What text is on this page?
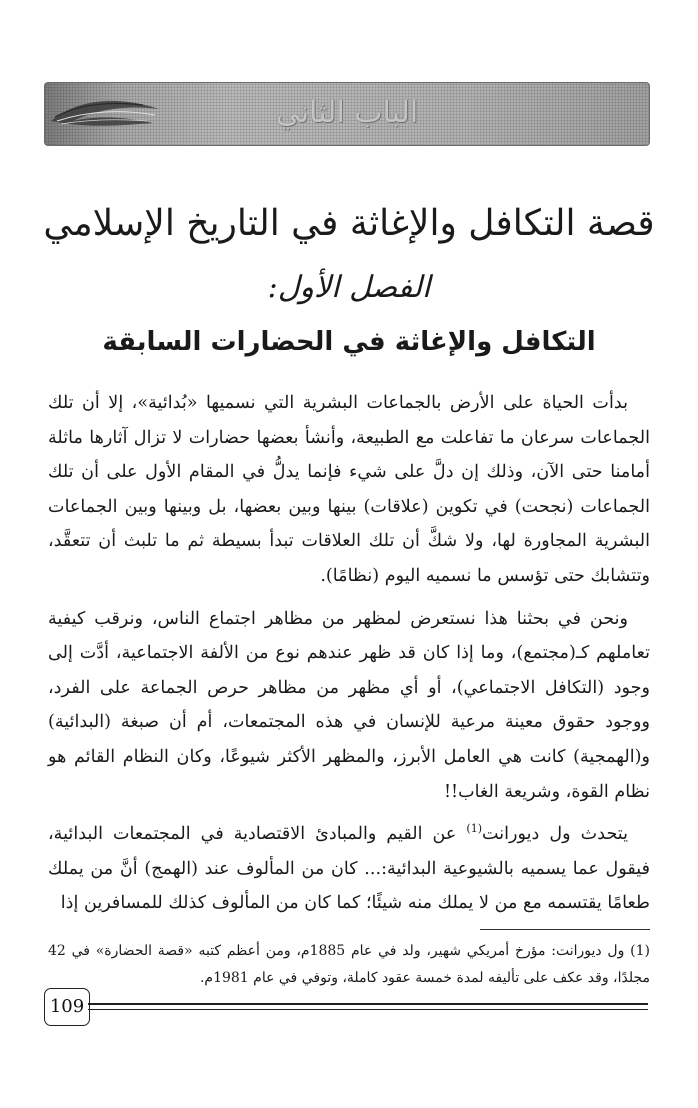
الباب الثاني
قصة التكافل والإغاثة في التاريخ الإسلامي
الفصل الأول:
التكافل والإغاثة في الحضارات السابقة

بدأت الحياة على الأرض بالجماعات البشرية التي نسميها «بُدائية»، إلا أن تلك الجماعات سرعان ما تفاعلت مع الطبيعة، وأنشأ بعضها حضارات لا تزال آثارها ماثلة أمامنا حتى الآن، وذلك إن دلَّ على شيء فإنما يدلُّ في المقام الأول على أن تلك الجماعات (نجحت) في تكوين (علاقات) بينها وبين بعضها، بل وبينها وبين الجماعات البشرية المجاورة لها، ولا شكَّ أن تلك العلاقات تبدأ بسيطة ثم ما تلبث أن تتعقَّد، وتتشابك حتى تؤسس ما نسميه اليوم (نظامًا).

ونحن في بحثنا هذا نستعرض لمظهر من مظاهر اجتماع الناس، ونرقب كيفية تعاملهم كـ(مجتمع)، وما إذا كان قد ظهر عندهم نوع من الألفة الاجتماعية، أدَّت إلى وجود (التكافل الاجتماعي)، أو أي مظهر من مظاهر حرص الجماعة على الفرد، ووجود حقوق معينة مرعية للإنسان في هذه المجتمعات، أم أن صبغة (البدائية) و(الهمجية) كانت هي العامل الأبرز، والمظهر الأكثر شيوعًا، وكان النظام القائم هو نظام القوة، وشريعة الغاب!!

يتحدث ول ديورانت$^{(1)}$ عن القيم والمبادئ الاقتصادية في المجتمعات البدائية، فيقول عما يسميه بالشيوعية البدائية:... كان من المألوف عند (الهمج) أنَّ من يملك طعامًا يقتسمه مع من لا يملك منه شيئًا؛ كما كان من المألوف كذلك للمسافرين إذا

(1) ول ديورانت: مؤرخ أمريكي شهير، ولد في عام 1885م، ومن أعظم كتبه «قصة الحضارة» في 42 مجلدًا، وقد عكف على تأليفه لمدة خمسة عقود كاملة، وتوفي في عام 1981م.
109
